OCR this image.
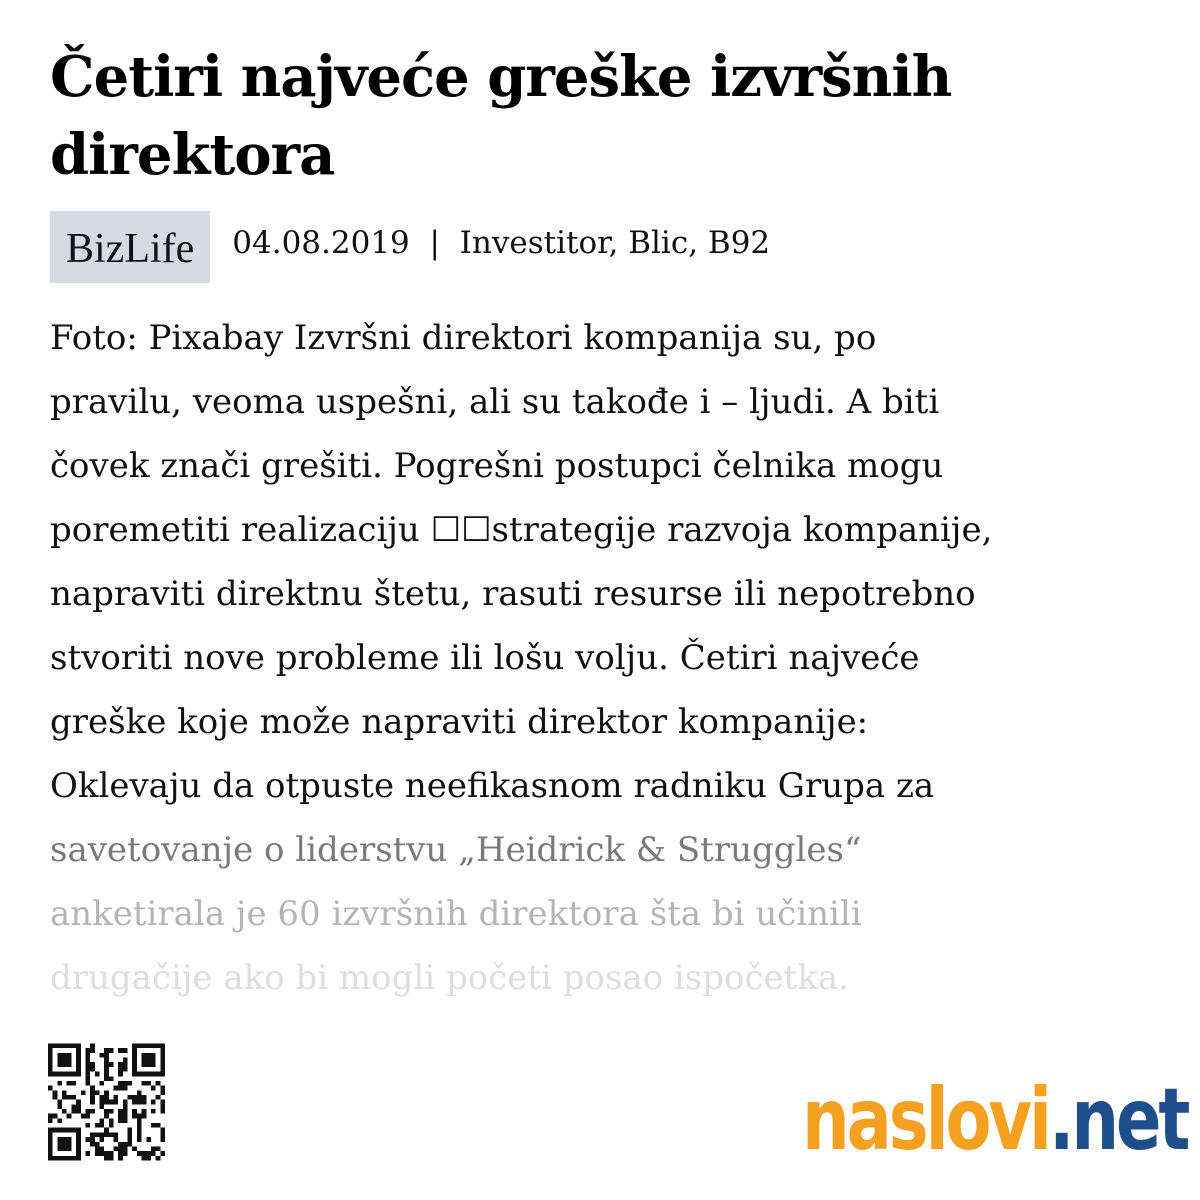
Četiri najveće greške izvršnih direktora
BizLife	04.08.2019  |  Investitor, Blic, B92
Foto: Pixabay Izvršni direktori kompanija su, po
pravilu, veoma uspešni, ali su takođe i – ljudi. A biti
čovek znači grešiti. Pogrešni postupci čelnika mogu
poremetiti realizaciju ☐☐strategije razvoja kompanije,
napraviti direktnu štetu, rasuti resurse ili nepotrebno
stvoriti nove probleme ili lošu volju. Četiri najveće
greške koje može napraviti direktor kompanije:
Oklevaju da otpuste neefikasnom radniku Grupa za
savetovanje o liderstvu „Heidrick & Struggles“
anketirala je 60 izvršnih direktora šta bi učinili
drugačije ako bi mogli početi posao ispočetka.
naslovi .net
